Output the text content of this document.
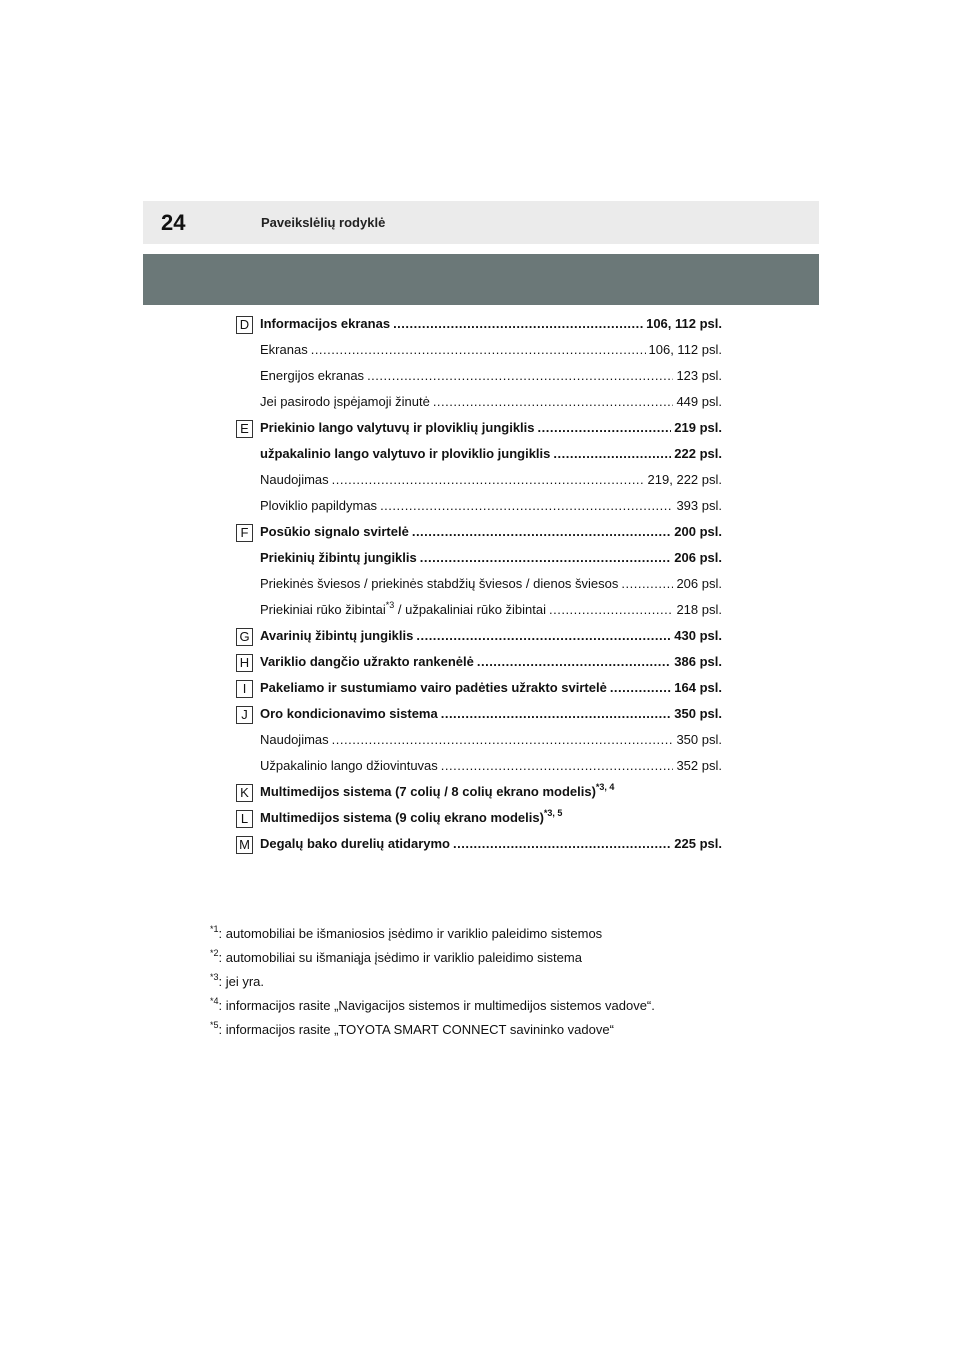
24	Paveikslėlių rodyklė
D Informacijos ekranas .....	106, 112 psl.
Ekranas .....	106, 112 psl.
Energijos ekranas .....	123 psl.
Jei pasirodo įspėjamoji žinutė .....	449 psl.
E Priekinio lango valytuvų ir ploviklių jungiklis .....	219 psl.
užpakalinio lango valytuvo ir ploviklio jungiklis .....	222 psl.
Naudojimas .....	219, 222 psl.
Ploviklio papildymas .....	393 psl.
F Posūkio signalo svirtelė .....	200 psl.
Priekinių žibintų jungiklis .....	206 psl.
Priekinės šviesos / priekinės stabdžių šviesos / dienos šviesos .....	206 psl.
Priekiniai rūko žibintai$^{*3}$ / užpakaliniai rūko žibintai .....	218 psl.
G Avarinių žibintų jungiklis .....	430 psl.
H Variklio dangčio užrakto rankenėlė .....	386 psl.
I	Pakeliamo ir sustumiamo vairo padėties užrakto svirtelė .....	164 psl.
J Oro kondicionavimo sistema .....	350 psl.
Naudojimas .....	350 psl.
Užpakalinio lango džiovintuvas .....	352 psl.
K Multimedijos sistema (7 colių / 8 colių ekrano modelis)$^{*3, 4}$
L Multimedijos sistema (9 colių ekrano modelis)$^{*3, 5}$
M Degalų bako durelių atidarymo .....	225 psl.
$^{*1}$: automobiliai be išmaniosios įsėdimo ir variklio paleidimo sistemos
$^{*2}$: automobiliai su išmaniąja įsėdimo ir variklio paleidimo sistema
$^{*3}$: jei yra.
$^{*4}$: informacijos rasite „Navigacijos sistemos ir multimedijos sistemos vadove“.
$^{*5}$: informacijos rasite „TOYOTA SMART CONNECT savininko vadove“
